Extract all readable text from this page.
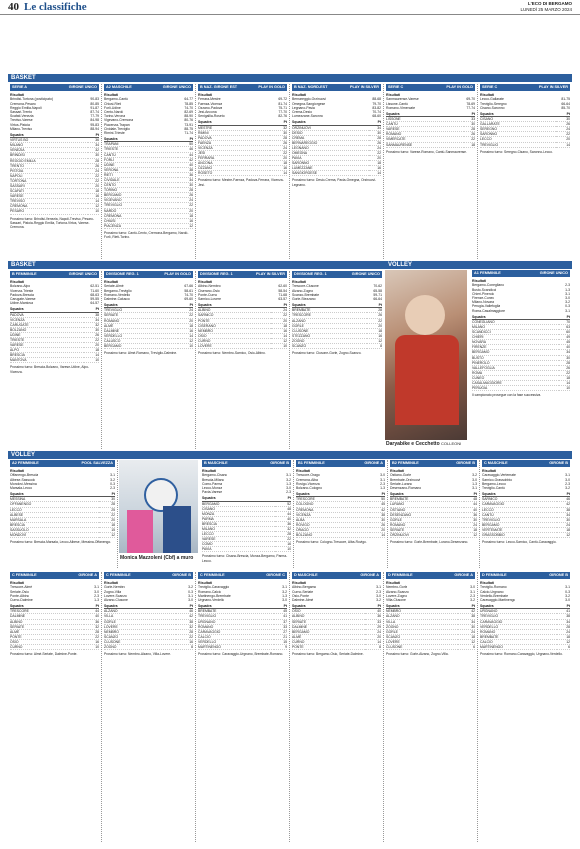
40 Le classifiche	L'ECO DI BERGAMO
LUNEDÌ 25 MARZO 2024
BASKET
SERIE A	GIRONE UNICO
Risultati
Brindisi-Tortona (posticipato)	90-83
Cremona-Pesaro	80-85
Reggio Emilia-Napoli	91-87
Sassari-Trento	87-74
Scafati-Venezia	77-79
Treviso-Varese	84-98
Virtus-Pistoia	95-83
Milano-Treviso	88-94
Squadra	Pt
VIRTUS BO	36
MILANO	34
VENEZIA	32
BRINDISI	30
REGGIO EMILIA	28
TRENTO	26
PISTOIA	24
NAPOLI	22
TORTONA	22
SASSARI	20
SCAFATI	18
VARESE	16
TREVISO	14
CREMONA	12
PESARO	10
Prossimo turno: Brindisi-Venezia, Napoli-Treviso, Pesaro-Sassari, Pistoia-Reggio Emilia, Tortona-Virtus, Varese-Cremona.
A2 MASCHILE	GIRONE UNICO
Risultati
Bergamo-Cantù	64-77
Chiusi-Rieti	78-85
Forlì-Udine	74-70
Cento-Nardò	82-69
Torino-Verona	88-90
Vigevano-Cremona	80-76
Piacenza-Trapani	73-91
Cividale-Treviglio	88-75
Rimini-Trieste	71-74
Squadra	Pt
TRAPANI	50
TRIESTE	46
CANTÙ	44
FORLÌ	42
UDINE	40
VERONA	38
RIETI	36
CIVIDALE	34
CENTO	30
TORINO	28
BERGAMO	26
VIGEVANO	24
TREVIGLIO	22
NARDÒ	20
CREMONA	18
CHIUSI	16
PIACENZA	12
Prossimo turno: Cantù-Cento, Cremona-Bergamo, Nardò-Forlì, Rieti-Torino.
B NAZ. GIRONE EST	PLAY IN GOLD
Risultati
Ferrara-Mestre	69-72
Faenza-Vicenza	81-74
Ozzano-Padova	75-71
Jesi-Ancona	77-70
Senigallia-Roseto	82-76
Squadra	Pt
MESTRE	32
RIMINI	30
PADOVA	28
FAENZA	26
VICENZA	24
JESI	22
FERRARA	20
ANCONA	18
OZZANO	16
ROSETO	14
Prossimo turno: Mestre-Faenza, Padova-Ferrara, Vicenza-Jesi.
B NAZ. NORD-EST	PLAY IN SILVER
Risultati
Bernareggio-Orzinuovi	88-68
Omegna-Sangiorgese	79-70
Legnano-Pavia	83-82
Crema-Desio	70-74
Lumezzane-Saronno	68-60
Squadra	Pt
ORZINUOVI	34
DESIO	30
CREMA	28
BERNAREGGIO	26
LEGNANO	24
OMEGNA	22
PAVIA	20
SARONNO	18
LUMEZZANE	16
SANGIORGESE	14
Prossimo turno: Desio-Crema, Pavia-Omegna, Orzinuovi-Legnano.
SERIE C	PLAY IN GOLD
Risultati
Sanmaurense-Varese	69-70
Lissone-Cantù	78-69
Romano-Vimercate	77-74
Squadra	Pt
LISSONE	33
CANTÙ	30
VARESE	28
ROMANO	26
VIMERCATE	22
SANMAURENSE	18
Prossimo turno: Varese-Romano, Cantù-Sanmaurense.
SERIE C	PLAY IN SILVER
Risultati
Lecco-Gallarate	81-75
Treviglio-Seregno	66-64
Cisano-Saronno	85-70
Squadra	Pt
CISANO	30
GALLARATE	26
SEREGNO	24
SARONNO	22
LECCO	20
TREVIGLIO	14
Prossimo turno: Seregno-Cisano, Saronno-Lecco.
BASKET
B FEMMINILE	GIRONE UNICO
Risultati
Bolzano-Alpo	62-51
Vicenza-Trieste	71-60
Padova-Brescia	68-63
Carugate-Varese	59-55
Udine-Mantova	64-57
Squadra	Pt
PADOVA	38
VICENZA	34
CARUGATE	32
BOLZANO	30
UDINE	26
TRIESTE	22
VARESE	20
ALPO	18
BRESCIA	14
MANTOVA	10
Prossimo turno: Brescia-Bolzano, Varese-Udine, Alpo-Vicenza.
DIVISIONE REG. 1	PLAY IN GOLD
Risultati
Seriate-Almè	67-66
Bergamo-Treviglio	58-61
Romano-Verdello	74-70
Dalmine-Calusco	69-60
Squadra	Pt
TREVIGLIO	24
SERIATE	22
ROMANO	20
ALMÈ	18
DALMINE	16
VERDELLO	14
CALUSCO	12
BERGAMO	10
Prossimo turno: Almè-Romano, Treviglio-Dalmine.
DIVISIONE REG. 1	PLAY IN SILVER
Risultati
Albino-Nembro	62-60
Ciserano-Osio	58-54
Ponte-Curno	71-68
Sarnico-Lovere	63-57
Squadra	Pt
ALBINO	24
SARNICO	22
PONTE	20
CISERANO	18
NEMBRO	16
OSIO	14
CURNO	12
LOVERE	10
Prossimo turno: Nembro-Sarnico, Osio-Albino.
DIVISIONE REG. 1	GIRONE UNICO
Risultati
Trescore-Clusone	70-62
Alzano-Zogno	65-58
Scanzo-Brembate	59-71
Gorle-Stezzano	66-64
Squadra	Pt
BREMBATE	28
TRESCORE	26
ALZANO	22
GORLE	20
CLUSONE	18
STEZZANO	16
ZOGNO	12
SCANZO	8
Prossimo turno: Clusone-Gorle, Zogno-Scanzo.
VOLLEY
Daryabike e Cecchetto COLLEONI
A1 FEMMINILE	GIRONE UNICO
Risultati
Bergamo-Conegliano	2-3
Busto-Scandicci	1-3
Chieri-Pinerolo	3-1
Firenze-Cuneo	3-0
Milano-Novara	3-2
Perugia-Vallefoglia	0-3
Roma-Casalmaggiore	3-1
Squadra	Pt
CONEGLIANO	70
MILANO	63
SCANDICCI	60
CHIERI	49
NOVARA	45
FIRENZE	40
BERGAMO	34
BUSTO	30
PINEROLO	28
VALLEFOGLIA	26
ROMA	22
CUNEO	18
CASALMAGGIORE	14
PERUGIA	10
Il campionato prosegue con la fase successiva.
VOLLEY
A2 FEMMINILE	POOL SALVEZZA
Risultati
Offanengo-Brescia	3-1
Albese-Sassuolo	3-2
Mondovì-Messina	0-3
Marsala-Lecco	2-3
Squadra	Pt
MESSINA	30
OFFANENGO	28
LECCO	25
ALBESE	22
MARSALA	20
BRESCIA	18
SASSUOLO	15
MONDOVÌ	12
Prossimo turno: Brescia-Marsala, Lecco-Albese, Messina-Offanengo.
B MASCHILE	GIRONE B
Risultati
Bergamo-Cisano	3-1
Brescia-Milano	3-2
Como-Parma	1-3
Lecco-Monza	3-0
Pavia-Varese	2-3
Squadra	Pt
BERGAMO	52
CISANO	48
MONZA	44
PARMA	40
BRESCIA	36
MILANO	32
LECCO	28
VARESE	22
COMO	16
PAVIA	10
Prossimo turno: Cisano-Brescia, Monza-Bergamo, Parma-Lecco.
B1 FEMMINILE	GIRONE A
Risultati
Trescore-Orago	3-0
Cremona-Alba	3-1
Rovigo-Vicenza	2-3
Bolzano-Cologno	1-3
Squadra	Pt
TRESCORE	50
COLOGNO	45
CREMONA	42
VICENZA	38
ALBA	30
ROVIGO	26
ORAGO	20
BOLZANO	14
Prossimo turno: Cologno-Trescore, Alba-Rovigo.
B2 FEMMINILE	GIRONE B
Risultati
Ostiano-Gorle	3-2
Brembate-Orzinuovi	3-0
Seriate-Lurano	1-3
Desenzano-Romano	3-1
Squadra	Pt
BREMBATE	48
LURANO	44
OSTIANO	40
DESENZANO	36
GORLE	30
ROMANO	24
SERIATE	18
ORZINUOVI	12
Prossimo turno: Gorle-Brembate, Lurano-Desenzano.
C MASCHILE	GIRONE B
Risultati
Caravaggio-Vertemate	3-1
Sarnico-Grassobbio	3-0
Bergamo-Lecco	2-3
Treviglio-Cantù	3-2
Squadra	Pt
SARNICO	46
CARAVAGGIO	42
LECCO	38
CANTÙ	34
TREVIGLIO	30
BERGAMO	24
VERTEMATE	18
GRASSOBBIO	12
Prossimo turno: Lecco-Sarnico, Cantù-Caravaggio.
Monica Mazzoleni (Cbf) a muro
C FEMMINILE	GIRONE A
Risultati
Trescore-Almè	3-1
Seriate-Osio	3-0
Ponte-Albino	2-3
Curno-Dalmine	1-3
Squadra	Pt
TRESCORE	44
DALMINE	40
ALBINO	36
SERIATE	32
ALMÈ	28
PONTE	22
OSIO	16
CURNO	10
Prossimo turno: Almè-Seriate, Dalmine-Ponte.
C FEMMINILE	GIRONE B
Risultati
Gorle-Nembro	3-2
Zogno-Villa	0-3
Lovere-Scanzo	3-1
Alzano-Clusone	3-0
Squadra	Pt
ALZANO	46
VILLA	42
GORLE	38
LOVERE	32
NEMBRO	28
SCANZO	22
CLUSONE	16
ZOGNO	8
Prossimo turno: Nembro-Alzano, Villa-Lovere.
C FEMMINILE	GIRONE C
Risultati
Treviglio-Caravaggio	3-1
Romano-Calcio	3-2
Martinengo-Brembate	1-3
Urgnano-Verdello	3-0
Squadra	Pt
BREMBATE	45
TREVIGLIO	41
URGNANO	37
ROMANO	33
CARAVAGGIO	27
CALCIO	21
VERDELLO	15
MARTINENGO	9
Prossimo turno: Caravaggio-Urgnano, Brembate-Romano.
D MASCHILE	GIRONE A
Risultati
Albino-Bergamo	3-1
Curno-Seriate	2-3
Osio-Ponte	3-0
Dalmine-Almè	3-2
Squadra	Pt
OSIO	40
ALBINO	36
SERIATE	33
DALMINE	29
BERGAMO	24
ALMÈ	20
CURNO	14
PONTE	8
Prossimo turno: Bergamo-Osio, Seriate-Dalmine.
D FEMMINILE	GIRONE A
Risultati
Nembro-Gorle	3-0
Alzano-Scanzo	3-1
Lovere-Zogno	2-3
Villa-Clusone	3-2
Squadra	Pt
NEMBRO	42
ALZANO	38
VILLA	34
ZOGNO	30
GORLE	24
SCANZO	18
LOVERE	12
CLUSONE	6
Prossimo turno: Gorle-Alzano, Zogno-Villa.
D FEMMINILE	GIRONE B
Risultati
Treviglio-Romano	3-1
Calcio-Urgnano	0-3
Verdello-Brembate	3-2
Caravaggio-Martinengo	3-0
Squadra	Pt
URGNANO	41
TREVIGLIO	38
CARAVAGGIO	34
VERDELLO	28
ROMANO	24
BREMBATE	18
CALCIO	12
MARTINENGO	6
Prossimo turno: Romano-Caravaggio, Urgnano-Verdello.
